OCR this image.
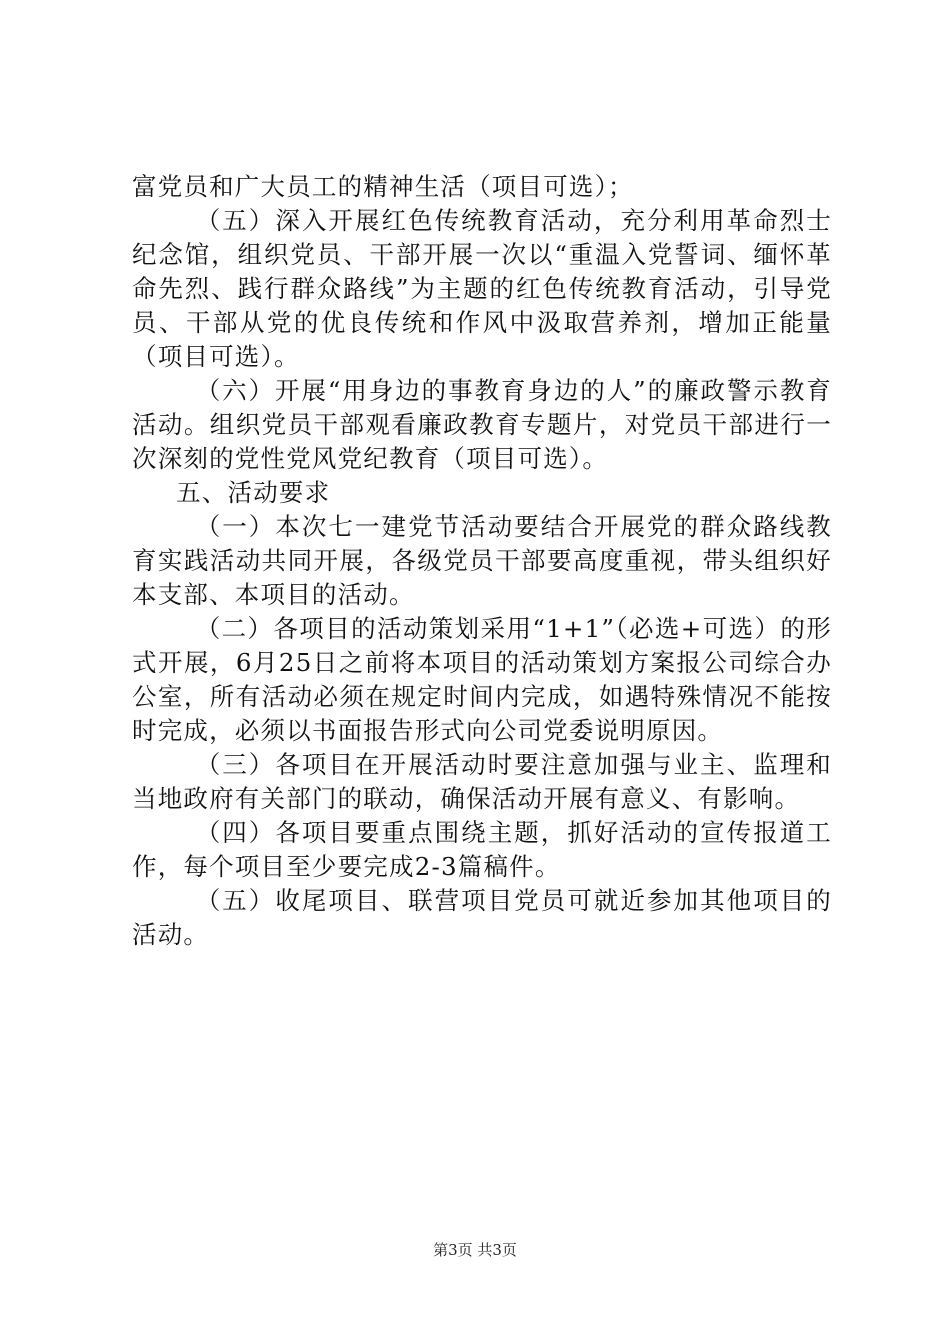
富党员和广大员工的精神生活（项目可选）；

（五）深入开展红色传统教育活动，充分利用革命烈士纪念馆，组织党员、干部开展一次以“重温入党誓词、缅怀革命先烈、践行群众路线”为主题的红色传统教育活动，引导党员、干部从党的优良传统和作风中汲取营养剂，增加正能量（项目可选）。

（六）开展“用身边的事教育身边的人”的廉政警示教育活动。组织党员干部观看廉政教育专题片，对党员干部进行一次深刻的党性党风党纪教育（项目可选）。

五、活动要求

（一）本次七一建党节活动要结合开展党的群众路线教育实践活动共同开展，各级党员干部要高度重视，带头组织好本支部、本项目的活动。

（二）各项目的活动策划采用“1+1”（必选+可选）的形式开展，6月25日之前将本项目的活动策划方案报公司综合办公室，所有活动必须在规定时间内完成，如遇特殊情况不能按时完成，必须以书面报告形式向公司党委说明原因。

（三）各项目在开展活动时要注意加强与业主、监理和当地政府有关部门的联动，确保活动开展有意义、有影响。

（四）各项目要重点围绕主题，抓好活动的宣传报道工作，每个项目至少要完成2-3篇稿件。

（五）收尾项目、联营项目党员可就近参加其他项目的活动。

第3页 共3页
